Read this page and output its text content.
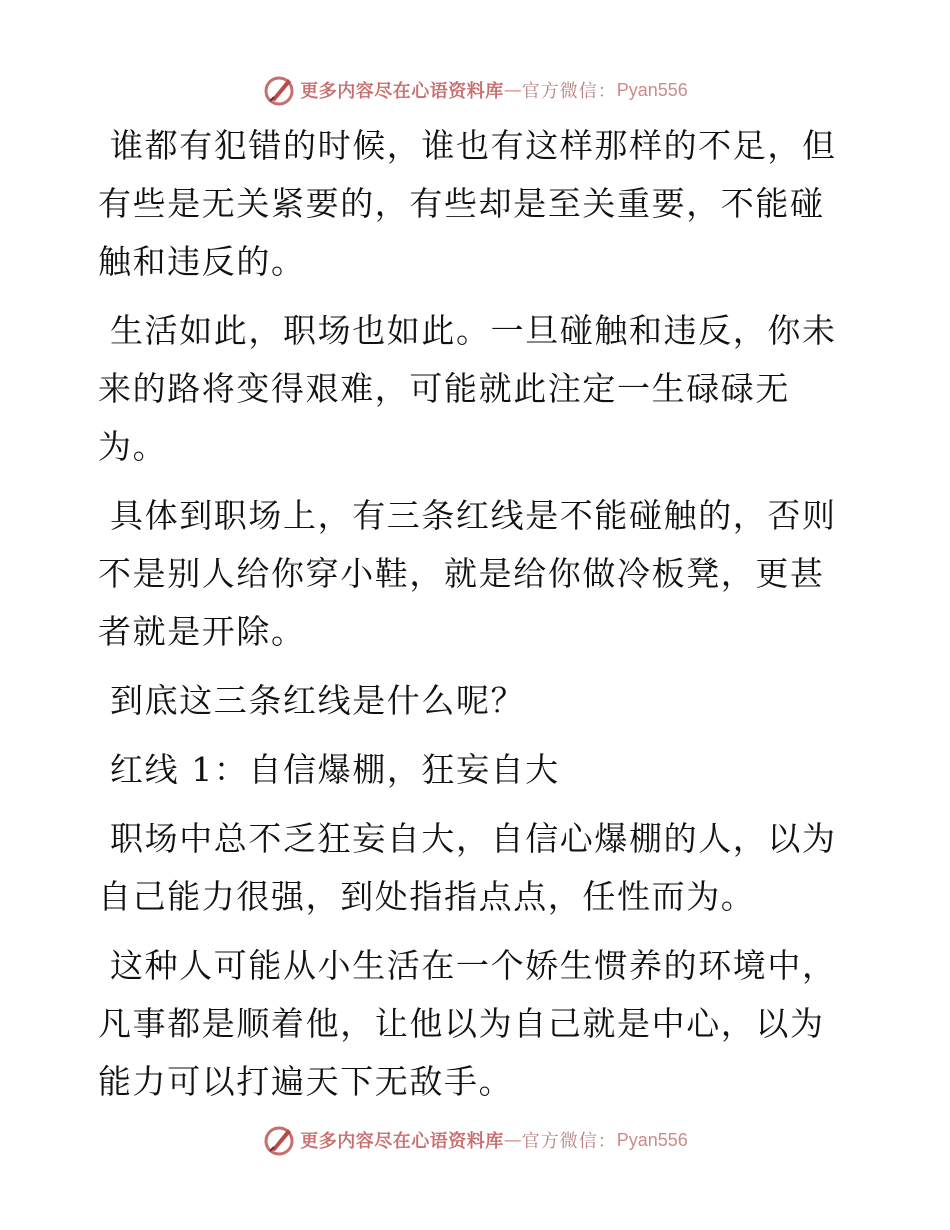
更多内容尽在心语资料库 — 官方微信： Pyan556

谁都有犯错的时候，谁也有这样那样的不足，但有些是无关紧要的，有些却是至关重要，不能碰触和违反的。

生活如此，职场也如此。一旦碰触和违反，你未来的路将变得艰难，可能就此注定一生碌碌无为。

具体到职场上，有三条红线是不能碰触的，否则不是别人给你穿小鞋，就是给你做冷板凳，更甚者就是开除。

到底这三条红线是什么呢？

红线 1：自信爆棚，狂妄自大

职场中总不乏狂妄自大，自信心爆棚的人，以为自己能力很强，到处指指点点，任性而为。

这种人可能从小生活在一个娇生惯养的环境中，凡事都是顺着他，让他以为自己就是中心，以为能力可以打遍天下无敌手。

更多内容尽在心语资料库 — 官方微信： Pyan556
